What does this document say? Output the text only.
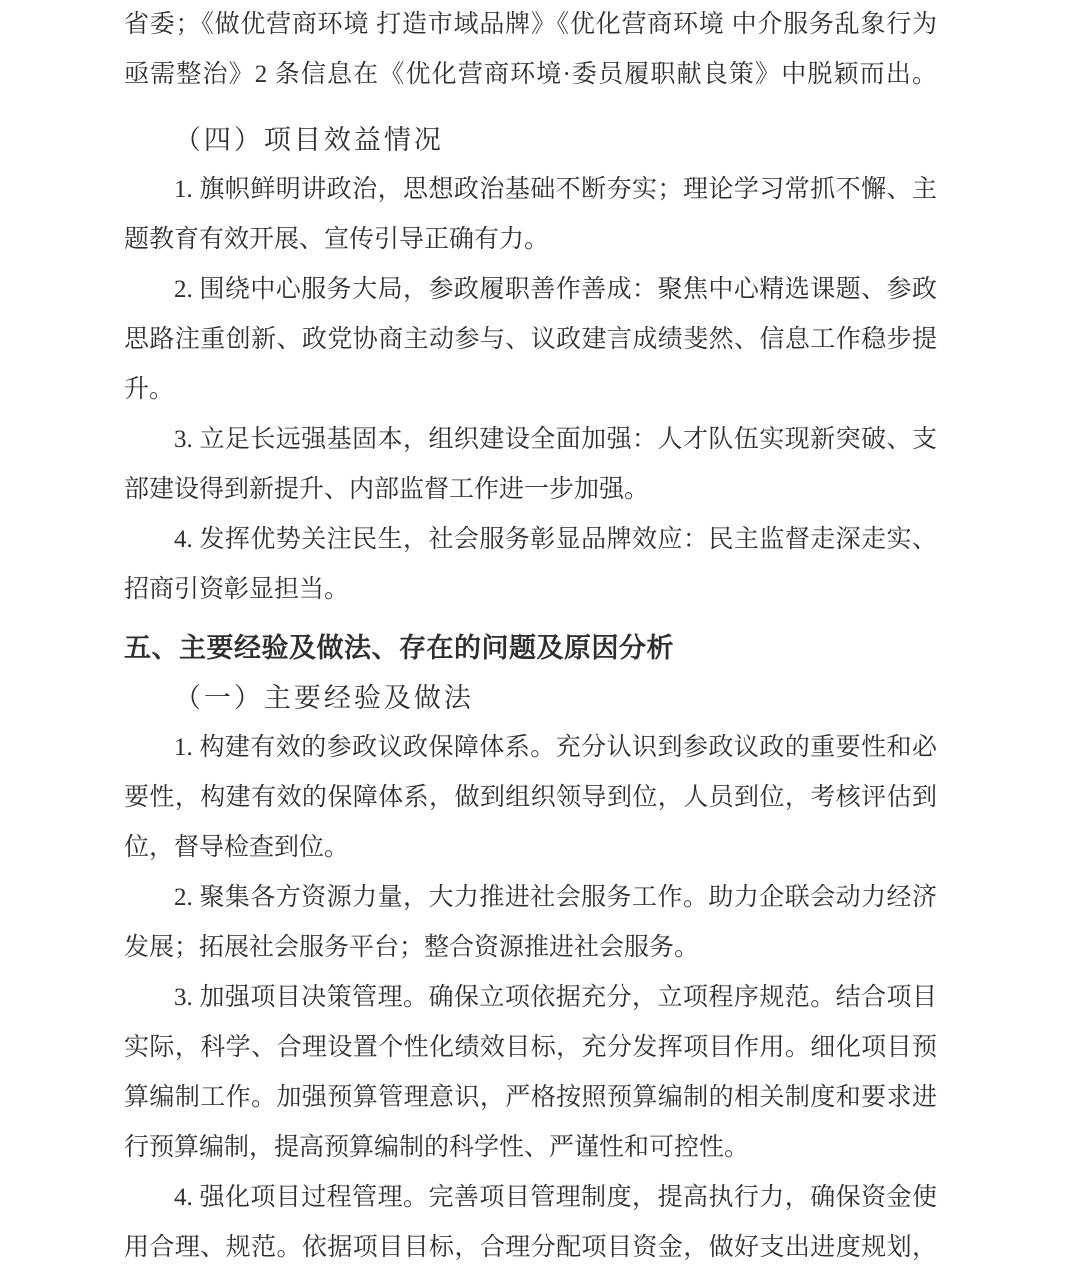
省委；《做优营商环境 打造市域品牌》《优化营商环境 中介服务乱象行为
亟需整治》2 条信息在《优化营商环境·委员履职献良策》中脱颖而出。
（四）项目效益情况
1. 旗帜鲜明讲政治，思想政治基础不断夯实；理论学习常抓不懈、主
题教育有效开展、宣传引导正确有力。
2. 围绕中心服务大局，参政履职善作善成：聚焦中心精选课题、参政
思路注重创新、政党协商主动参与、议政建言成绩斐然、信息工作稳步提
升。
3. 立足长远强基固本，组织建设全面加强：人才队伍实现新突破、支
部建设得到新提升、内部监督工作进一步加强。
4. 发挥优势关注民生，社会服务彰显品牌效应：民主监督走深走实、
招商引资彰显担当。
五、主要经验及做法、存在的问题及原因分析
（一）主要经验及做法
1. 构建有效的参政议政保障体系。充分认识到参政议政的重要性和必
要性，构建有效的保障体系，做到组织领导到位，人员到位，考核评估到
位，督导检查到位。
2. 聚集各方资源力量，大力推进社会服务工作。助力企联会动力经济
发展；拓展社会服务平台；整合资源推进社会服务。
3. 加强项目决策管理。确保立项依据充分，立项程序规范。结合项目
实际，科学、合理设置个性化绩效目标，充分发挥项目作用。细化项目预
算编制工作。加强预算管理意识，严格按照预算编制的相关制度和要求进
行预算编制，提高预算编制的科学性、严谨性和可控性。
4. 强化项目过程管理。完善项目管理制度，提高执行力，确保资金使
用合理、规范。依据项目目标，合理分配项目资金，做好支出进度规划，
